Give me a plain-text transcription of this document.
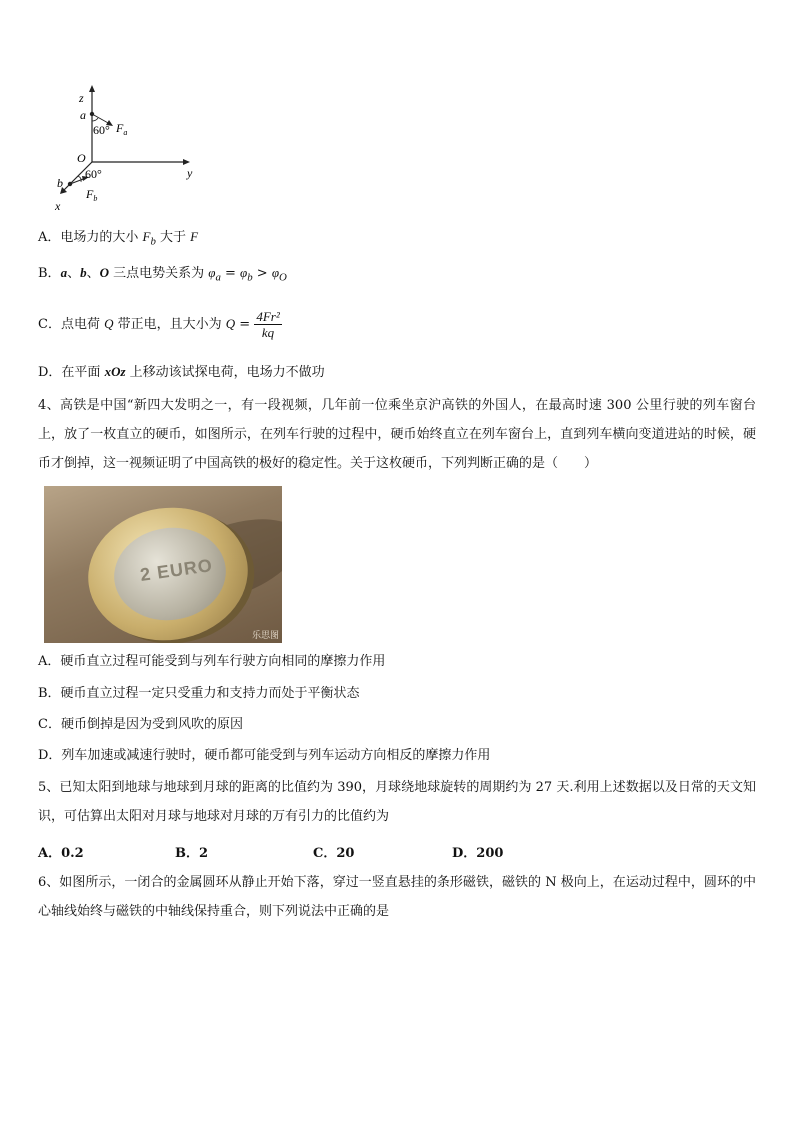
z
a
60° $F_a$
O
y
60°
b
$F_b$
x
A．电场力的大小 $F_b$ 大于 F
B．a、b、O 三点电势关系为 $\varphi_a = \varphi_b > \varphi_O$
C．点电荷 Q 带正电，且大小为 $Q = \frac{\text{4Fr²}}{kq}$
D．在平面 xOz 上移动该试探电荷，电场力不做功
4、高铁是中国“新四大发明之一，有一段视频，几年前一位乘坐京沪高铁的外国人，在最高时速 300 公里行驶的列车窗台上，放了一枚直立的硬币，如图所示，在列车行驶的过程中，硬币始终直立在列车窗台上，直到列车横向变道进站的时候，硬币才倒掉，这一视频证明了中国高铁的极好的稳定性。关于这枚硬币，下列判断正确的是（　　）
2 EURO
乐思图
A．硬币直立过程可能受到与列车行驶方向相同的摩擦力作用
B．硬币直立过程一定只受重力和支持力而处于平衡状态
C．硬币倒掉是因为受到风吹的原因
D．列车加速或减速行驶时，硬币都可能受到与列车运动方向相反的摩擦力作用
5、已知太阳到地球与地球到月球的距离的比值约为 390，月球绕地球旋转的周期约为 27 天.利用上述数据以及日常的天文知识，可估算出太阳对月球与地球对月球的万有引力的比值约为
A．0.2	B．2	C．20	D．200
6、如图所示，一闭合的金属圆环从静止开始下落，穿过一竖直悬挂的条形磁铁，磁铁的 N 极向上，在运动过程中，圆环的中心轴线始终与磁铁的中轴线保持重合，则下列说法中正确的是
